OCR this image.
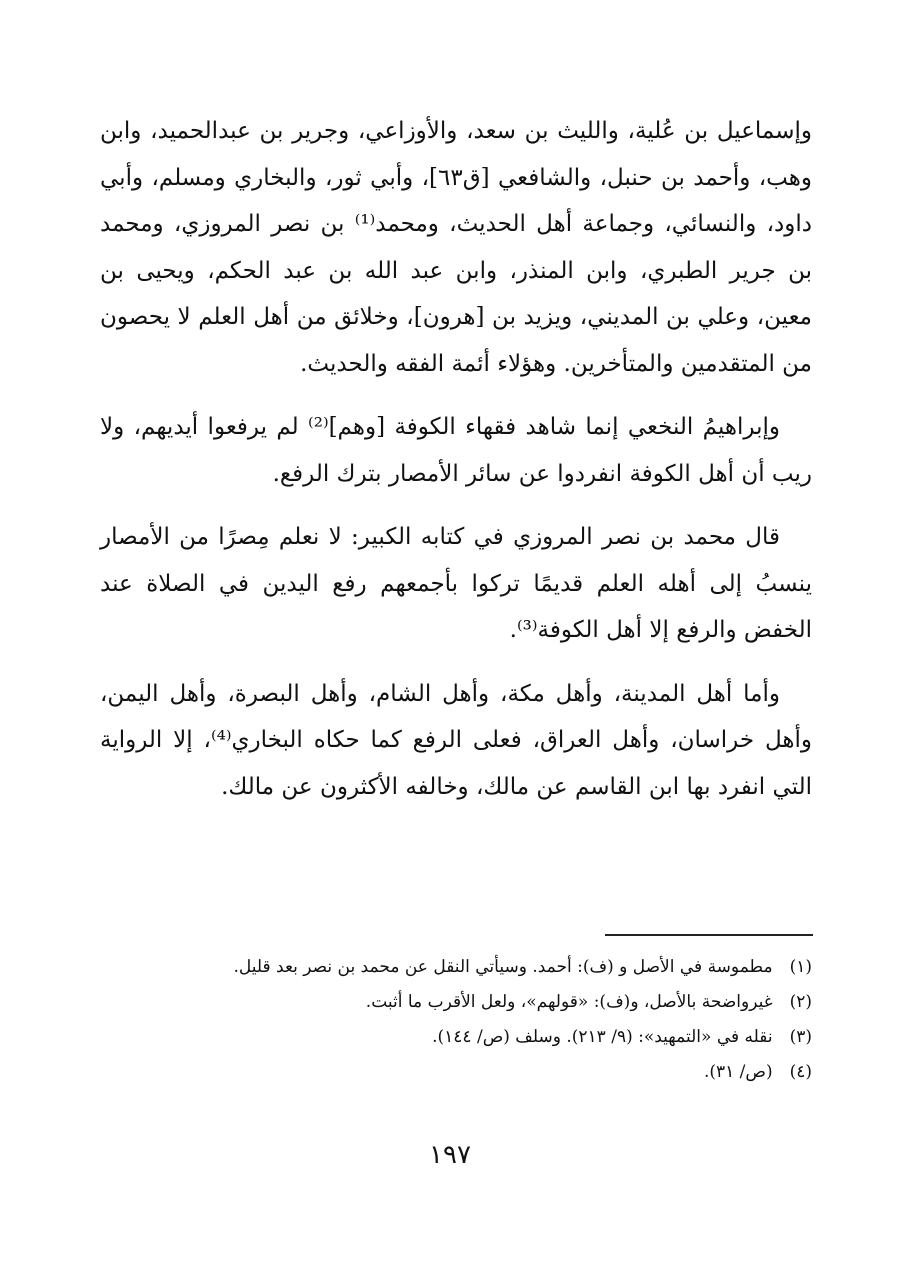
وإسماعيل بن عُلية، والليث بن سعد، والأوزاعي، وجرير بن عبدالحميد، وابن وهب، وأحمد بن حنبل، والشافعي [ق٦٣]، وأبي ثور، والبخاري ومسلم، وأبي داود، والنسائي، وجماعة أهل الحديث، ومحمد⁽¹⁾ بن نصر المروزي، ومحمد بن جرير الطبري، وابن المنذر، وابن عبد الله بن عبد الحكم، ويحيى بن معين، وعلي بن المديني، ويزيد بن [هرون]، وخلائق من أهل العلم لا يحصون من المتقدمين والمتأخرين. وهؤلاء أئمة الفقه والحديث.

وإبراهيمُ النخعي إنما شاهد فقهاء الكوفة [وهم]⁽²⁾ لم يرفعوا أيديهم، ولا ريب أن أهل الكوفة انفردوا عن سائر الأمصار بترك الرفع.

قال محمد بن نصر المروزي في كتابه الكبير: لا نعلم مِصرًا من الأمصار ينسبُ إلى أهله العلم قديمًا تركوا بأجمعهم رفع اليدين في الصلاة عند الخفض والرفع إلا أهل الكوفة⁽³⁾.

وأما أهل المدينة، وأهل مكة، وأهل الشام، وأهل البصرة، وأهل اليمن، وأهل خراسان، وأهل العراق، فعلى الرفع كما حكاه البخاري⁽⁴⁾، إلا الرواية التي انفرد بها ابن القاسم عن مالك، وخالفه الأكثرون عن مالك.

(١) مطموسة في الأصل و (ف): أحمد. وسيأتي النقل عن محمد بن نصر بعد قليل.

(٢) غيرواضحة بالأصل، و(ف): «قولهم»، ولعل الأقرب ما أثبت.

(٣) نقله في «التمهيد»: (٩/ ٢١٣). وسلف (ص/ ١٤٤).

(٤) (ص/ ٣١).

١٩٧
